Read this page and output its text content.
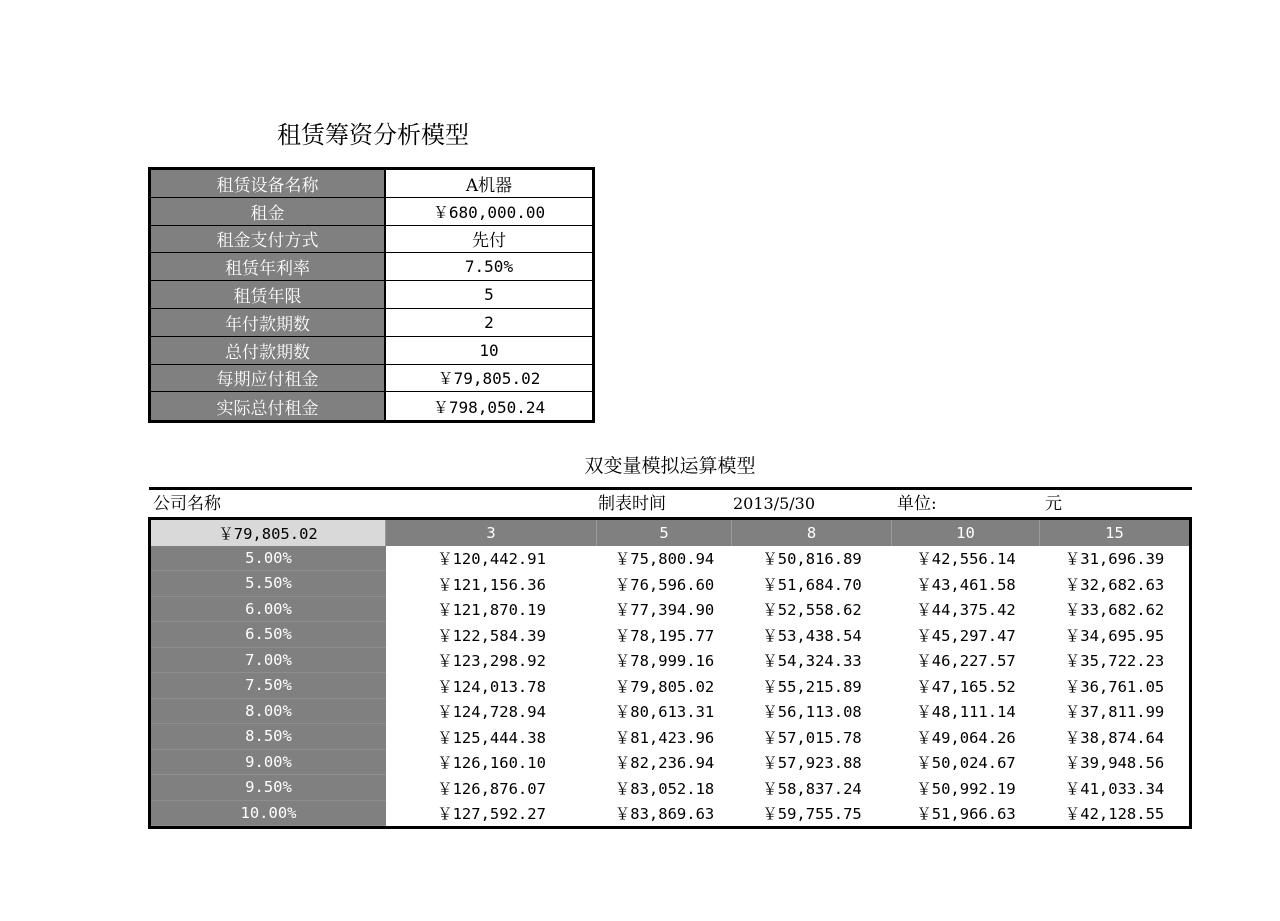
租赁筹资分析模型
租赁设备名称	A机器
租金	￥680,000.00
租金支付方式	先付
租赁年利率	7.50%
租赁年限	5
年付款期数	2
总付款期数	10
每期应付租金	￥79,805.02
实际总付租金	￥798,050.24
双变量模拟运算模型
公司名称	制表时间	2013/5/30	单位:	元
￥79,805.02	3	5	8	10	15
5.00%	￥120,442.91	￥75,800.94	￥50,816.89	￥42,556.14	￥31,696.39
5.50%	￥121,156.36	￥76,596.60	￥51,684.70	￥43,461.58	￥32,682.63
6.00%	￥121,870.19	￥77,394.90	￥52,558.62	￥44,375.42	￥33,682.62
6.50%	￥122,584.39	￥78,195.77	￥53,438.54	￥45,297.47	￥34,695.95
7.00%	￥123,298.92	￥78,999.16	￥54,324.33	￥46,227.57	￥35,722.23
7.50%	￥124,013.78	￥79,805.02	￥55,215.89	￥47,165.52	￥36,761.05
8.00%	￥124,728.94	￥80,613.31	￥56,113.08	￥48,111.14	￥37,811.99
8.50%	￥125,444.38	￥81,423.96	￥57,015.78	￥49,064.26	￥38,874.64
9.00%	￥126,160.10	￥82,236.94	￥57,923.88	￥50,024.67	￥39,948.56
9.50%	￥126,876.07	￥83,052.18	￥58,837.24	￥50,992.19	￥41,033.34
10.00%	￥127,592.27	￥83,869.63	￥59,755.75	￥51,966.63	￥42,128.55
